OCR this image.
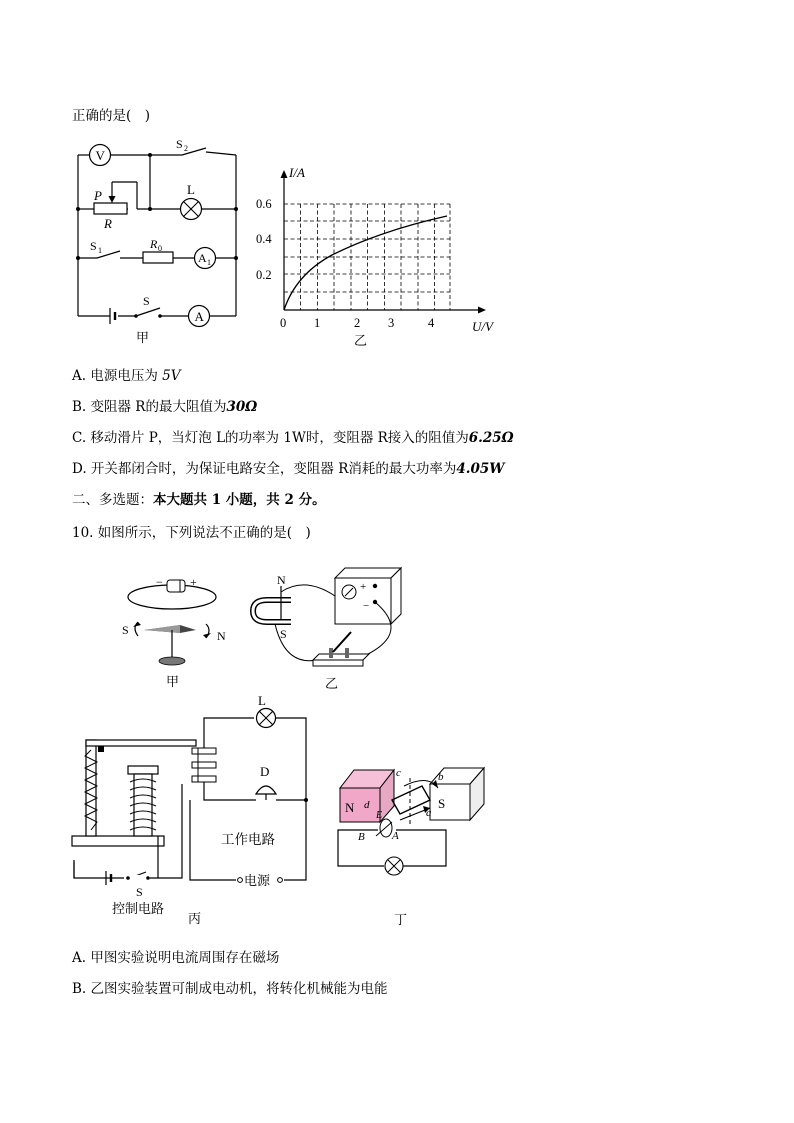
正确的是(　)
V
A 1
A
S 2
L
P
R
S 1	R 0
S
甲
I/A
0.6
0.4
0.2
0 1	2 3	4	U/V
乙
A. 电源电压为 5V
B. 变阻器 R的最大阻值为30Ω
C. 移动滑片 P，当灯泡 L的功率为 1W时，变阻器 R接入的阻值为6.25Ω
D. 开关都闭合时，为保证电路安全，变阻器 R消耗的最大功率为4.05W
二、多选题：本大题共 1 小题，共 2 分。
10. 如图所示，下列说法不正确的是(　)
− +
S	N
甲
+
−
N
S
乙
S
控制电路
L
D
工作电路
电源
丙
N	S
c	b
d
a
E
A
B
丁
A. 甲图实验说明电流周围存在磁场
B. 乙图实验装置可制成电动机，将转化机械能为电能
